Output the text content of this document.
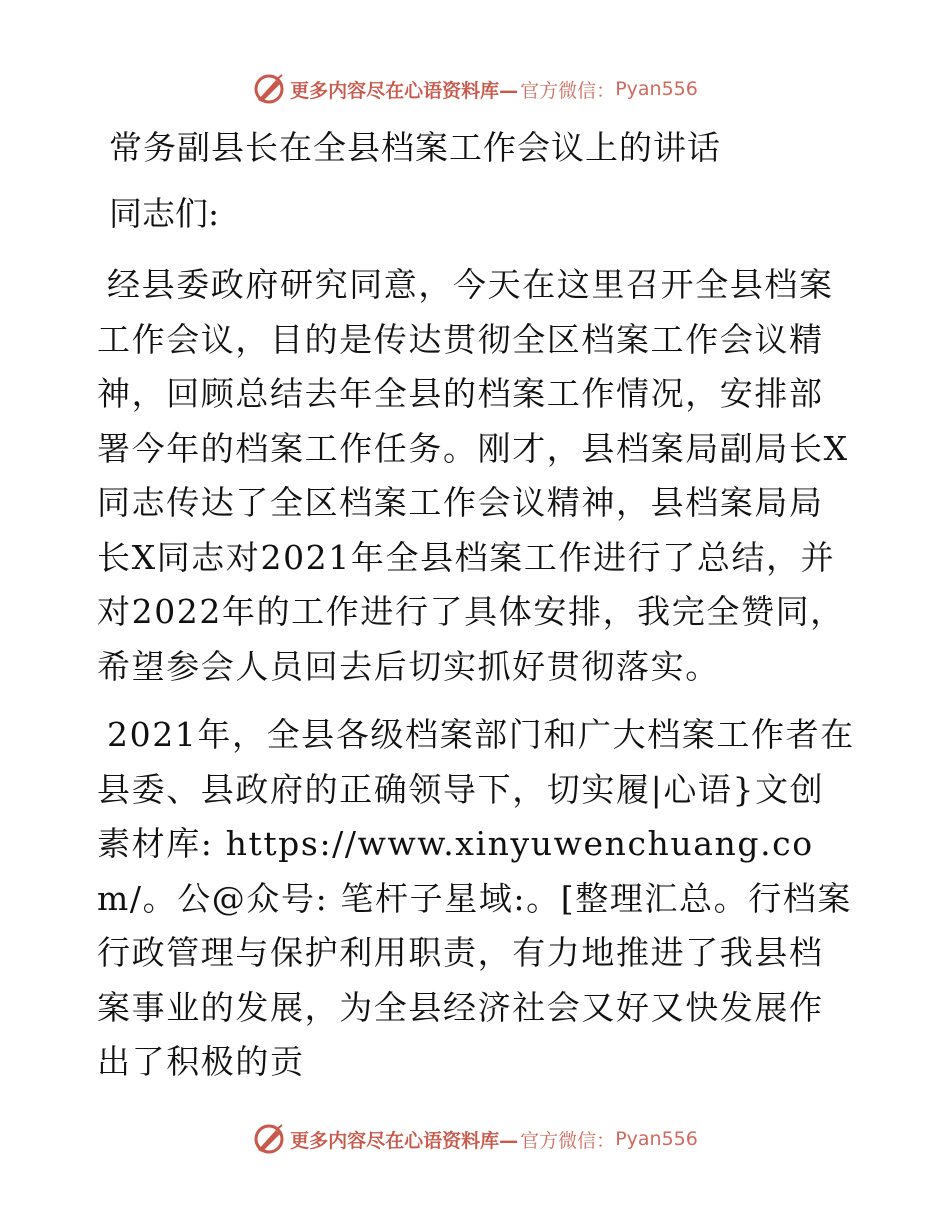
更多内容尽在心语资料库— 官方微信： Pyan556
常务副县长在全县档案工作会议上的讲话
同志们:
经县委政府研究同意，今天在这里召开全县档案工作会议，目的是传达贯彻全区档案工作会议精神，回顾总结去年全县的档案工作情况，安排部署今年的档案工作任务。刚才，县档案局副局长X同志传达了全区档案工作会议精神，县档案局局长X同志对2021年全县档案工作进行了总结，并对2022年的工作进行了具体安排，我完全赞同，希望参会人员回去后切实抓好贯彻落实。
2021年，全县各级档案部门和广大档案工作者在县委、县政府的正确领导下，切实履|心语}文创素材库: https://www.xinyuwenchuang.com/。公@众号: 笔杆子星域:。[整理汇总。行档案行政管理与保护利用职责，有力地推进了我县档案事业的发展，为全县经济社会又好又快发展作出了积极的贡
更多内容尽在心语资料库— 官方微信： Pyan556
